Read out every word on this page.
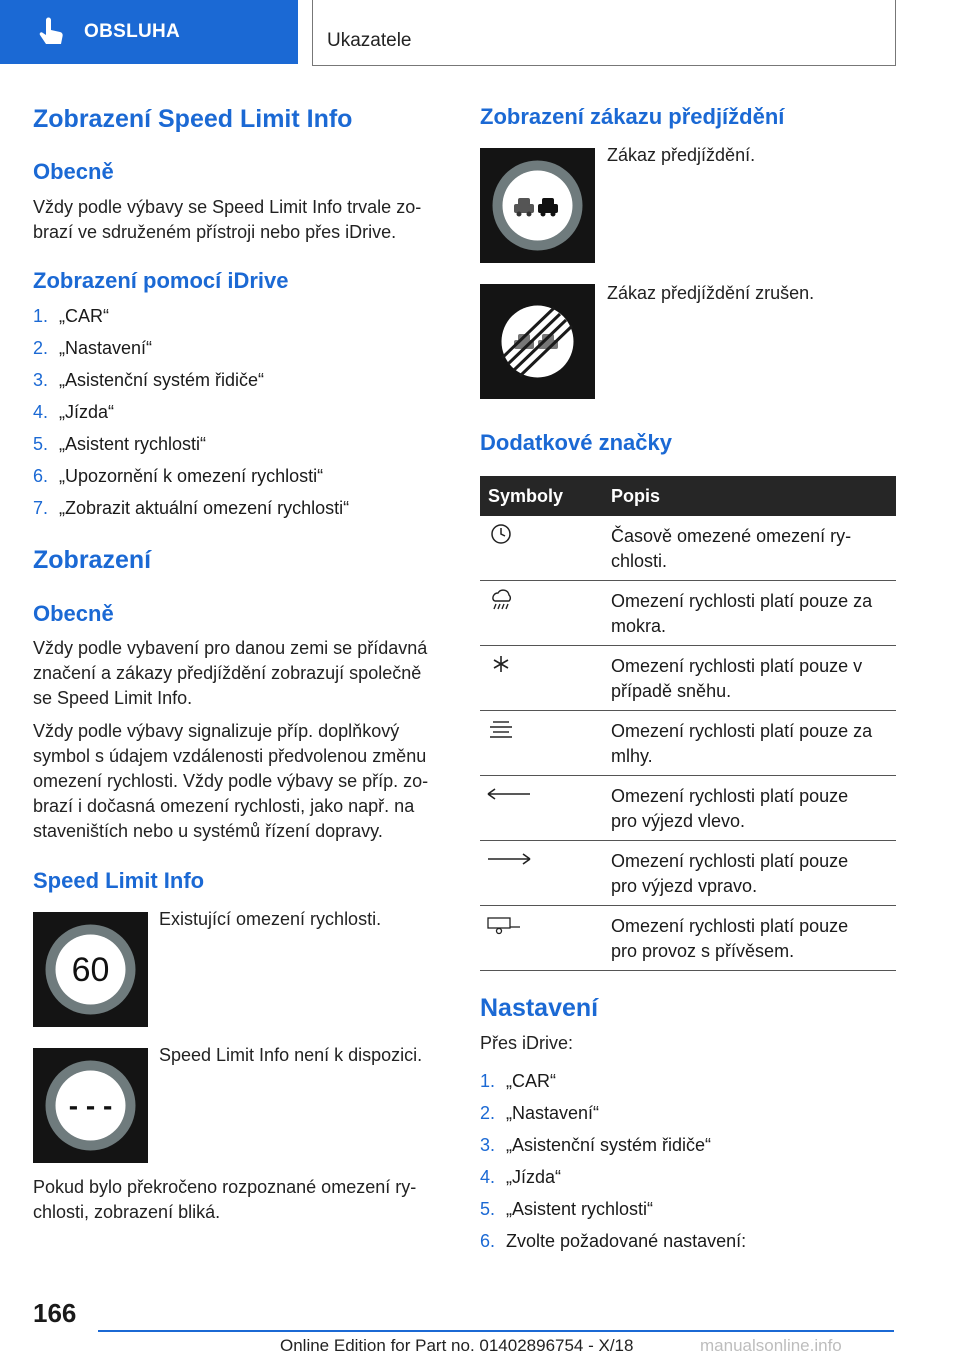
OBSLUHA	Ukazatele
Zobrazení Speed Limit Info
Obecně
Vždy podle výbavy se Speed Limit Info trvale zo-
brazí ve sdruženém přístroji nebo přes iDrive.
Zobrazení pomocí iDrive
1. „CAR“
2. „Nastavení“
3. „Asistenční systém řidiče“
4. „Jízda“
5. „Asistent rychlosti“
6. „Upozornění k omezení rychlosti“
7. „Zobrazit aktuální omezení rychlosti“
Zobrazení
Obecně
Vždy podle vybavení pro danou zemi se přídavná
značení a zákazy předjíždění zobrazují společně
se Speed Limit Info.
Vždy podle výbavy signalizuje příp. doplňkový
symbol s údajem vzdálenosti předvolenou změnu
omezení rychlosti. Vždy podle výbavy se příp. zo-
brazí i dočasná omezení rychlosti, jako např. na
staveništích nebo u systémů řízení dopravy.
Speed Limit Info
60
Existující omezení rychlosti.
- - -
Speed Limit Info není k dispozici.
Pokud bylo překročeno rozpoznané omezení ry-
chlosti, zobrazení bliká.
Zobrazení zákazu předjíždění
Zákaz předjíždění.
Zákaz předjíždění zrušen.
Dodatkové značky
Symboly	Popis
Časově omezené omezení ry-
chlosti.
Omezení rychlosti platí pouze za
mokra.
Omezení rychlosti platí pouze v
případě sněhu.
Omezení rychlosti platí pouze za
mlhy.
Omezení rychlosti platí pouze
pro výjezd vlevo.
Omezení rychlosti platí pouze
pro výjezd vpravo.
Omezení rychlosti platí pouze
pro provoz s přívěsem.
Nastavení
Přes iDrive:
1. „CAR“
2. „Nastavení“
3. „Asistenční systém řidiče“
4. „Jízda“
5. „Asistent rychlosti“
6. Zvolte požadované nastavení:
166
Online Edition for Part no. 01402896754 - X/18	manualsonline.info
